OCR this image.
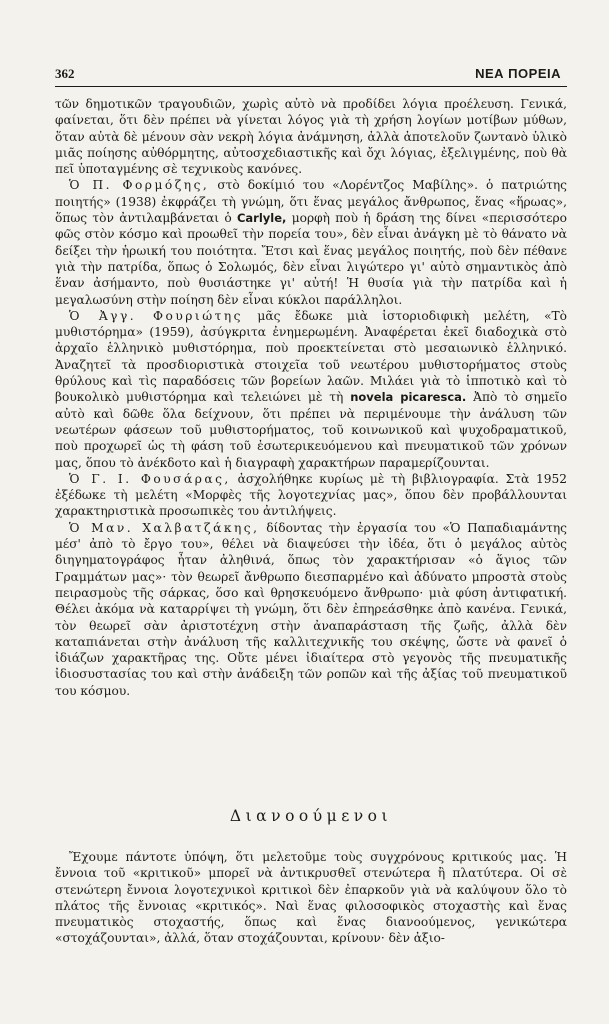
362	ΝΕΑ ΠΟΡΕΙΑ

τῶν δημοτικῶν τραγουδιῶν, χωρὶς αὐτὸ νὰ προδίδει λόγια προέλευση. Γενικά, φαίνεται, ὅτι δὲν πρέπει νὰ γίνεται λόγος γιὰ τὴ χρήση λογίων μοτίβων μύθων, ὅταν αὐτὰ δὲ μένουν σὰν νεκρὴ λόγια ἀνάμνηση, ἀλλὰ ἀποτελοῦν ζωντανὸ ὑλικὸ μιᾶς ποίησης αὐθόρμητης, αὐτοσχεδιαστικῆς καὶ ὄχι λόγιας, ἐξελιγμένης, ποὺ θὰ πεῖ ὑποταγμένης σὲ τεχνικοὺς κανόνες.

Ὁ Π. Φορμόζης, στὸ δοκίμιό του «Λορέντζος Μαβίλης». ὁ πατριώτης ποιητής» (1938) ἐκφράζει τὴ γνώμη, ὅτι ἕνας μεγάλος ἄνθρωπος, ἕνας «ἥρωας», ὅπως τὸν ἀντιλαμβάνεται ὁ Carlyle, μορφὴ ποὺ ἡ δράση της δίνει «περισσότερο φῶς στὸν κόσμο καὶ προωθεῖ τὴν πορεία του», δὲν εἶναι ἀνάγκη μὲ τὸ θάνατο νὰ δείξει τὴν ἡρωική του ποιότητα. Ἔτσι καὶ ἕνας μεγάλος ποιητής, ποὺ δὲν πέθανε γιὰ τὴν πατρίδα, ὅπως ὁ Σολωμός, δὲν εἶναι λιγώτερο γι' αὐτὸ σημαντικὸς ἀπὸ ἕναν ἀσήμαντο, ποὺ θυσιάστηκε γι' αὐτή! Ἡ θυσία γιὰ τὴν πατρίδα καὶ ἡ μεγαλωσύνη στὴν ποίηση δὲν εἶναι κύκλοι παράλληλοι.

Ὁ Ἀγγ. Φουριώτης μᾶς ἔδωκε μιὰ ἱστοριοδιφικὴ μελέτη, «Τὸ μυθιστόρημα» (1959), ἀσύγκριτα ἐνημερωμένη. Ἀναφέρεται ἐκεῖ διαδοχικὰ στὸ ἀρχαῖο ἑλληνικὸ μυθιστόρημα, ποὺ προεκτείνεται στὸ μεσαιωνικὸ ἑλληνικό. Ἀναζητεῖ τὰ προσδιοριστικὰ στοιχεῖα τοῦ νεωτέρου μυθιστορήματος στοὺς θρύλους καὶ τὶς παραδόσεις τῶν βορείων λαῶν. Μιλάει γιὰ τὸ ἱπποτικὸ καὶ τὸ βουκολικὸ μυθιστόρημα καὶ τελειώνει μὲ τὴ novela picaresca. Ἀπὸ τὸ σημεῖο αὐτὸ καὶ δῶθε ὅλα δείχνουν, ὅτι πρέπει νὰ περιμένουμε τὴν ἀνάλυση τῶν νεωτέρων φάσεων τοῦ μυθιστορήματος, τοῦ κοινωνικοῦ καὶ ψυχοδραματικοῦ, ποὺ προχωρεῖ ὡς τὴ φάση τοῦ ἐσωτερικευόμενου καὶ πνευματικοῦ τῶν χρόνων μας, ὅπου τὸ ἀνέκδοτο καὶ ἡ διαγραφὴ χαρακτήρων παραμερίζουνται.

Ὁ Γ. Ι. Φουσάρας, ἀσχολήθηκε κυρίως μὲ τὴ βιβλιογραφία. Στὰ 1952 ἐξέδωκε τὴ μελέτη «Μορφὲς τῆς λογοτεχνίας μας», ὅπου δὲν προβάλλουνται χαρακτηριστικὰ προσωπικὲς του ἀντιλήψεις.

Ὁ Μαν. Χαλβατζάκης, δίδοντας τὴν ἐργασία του «Ὁ Παπαδιαμάντης μέσ' ἀπὸ τὸ ἔργο του», θέλει νὰ διαψεύσει τὴν ἰδέα, ὅτι ὁ μεγάλος αὐτὸς διηγηματογράφος ἦταν ἀληθινά, ὅπως τὸν χαρακτήρισαν «ὁ ἅγιος τῶν Γραμμάτων μας»· τὸν θεωρεῖ ἄνθρωπο διεσπαρμένο καὶ ἀδύνατο μπροστὰ στοὺς πειρασμοὺς τῆς σάρκας, ὅσο καὶ θρησκευόμενο ἄνθρωπο· μιὰ φύση ἀντιφατική. Θέλει ἀκόμα νὰ καταρρίψει τὴ γνώμη, ὅτι δὲν ἐπηρεάσθηκε ἀπὸ κανένα. Γενικά, τὸν θεωρεῖ σὰν ἀριστοτέχνη στὴν ἀναπαράσταση τῆς ζωῆς, ἀλλὰ δὲν καταπιάνεται στὴν ἀνάλυση τῆς καλλιτεχνικῆς του σκέψης, ὥστε νὰ φανεῖ ὁ ἰδιάζων χαρακτῆρας της. Οὔτε μένει ἰδιαίτερα στὸ γεγονὸς τῆς πνευματικῆς ἰδιοσυστασίας του καὶ στὴν ἀνάδειξη τῶν ροπῶν καὶ τῆς ἀξίας τοῦ πνευματικοῦ του κόσμου.

Διανοούμενοι

Ἔχουμε πάντοτε ὑπόψη, ὅτι μελετοῦμε τοὺς συγχρόνους κριτικούς μας. Ἡ ἔννοια τοῦ «κριτικοῦ» μπορεῖ νὰ ἀντικρυσθεῖ στενώτερα ἢ πλατύτερα. Οἱ σὲ στενώτερη ἔννοια λογοτεχνικοὶ κριτικοὶ δὲν ἐπαρκοῦν γιὰ νὰ καλύψουν ὅλο τὸ πλάτος τῆς ἔννοιας «κριτικός». Ναὶ ἕνας φιλοσοφικὸς στοχαστὴς καὶ ἕνας πνευματικὸς στοχαστής, ὅπως καὶ ἕνας διανοούμενος, γενικώτερα «στοχάζουνται», ἀλλά, ὅταν στοχάζουνται, κρίνουν· δὲν ἀξιο-
